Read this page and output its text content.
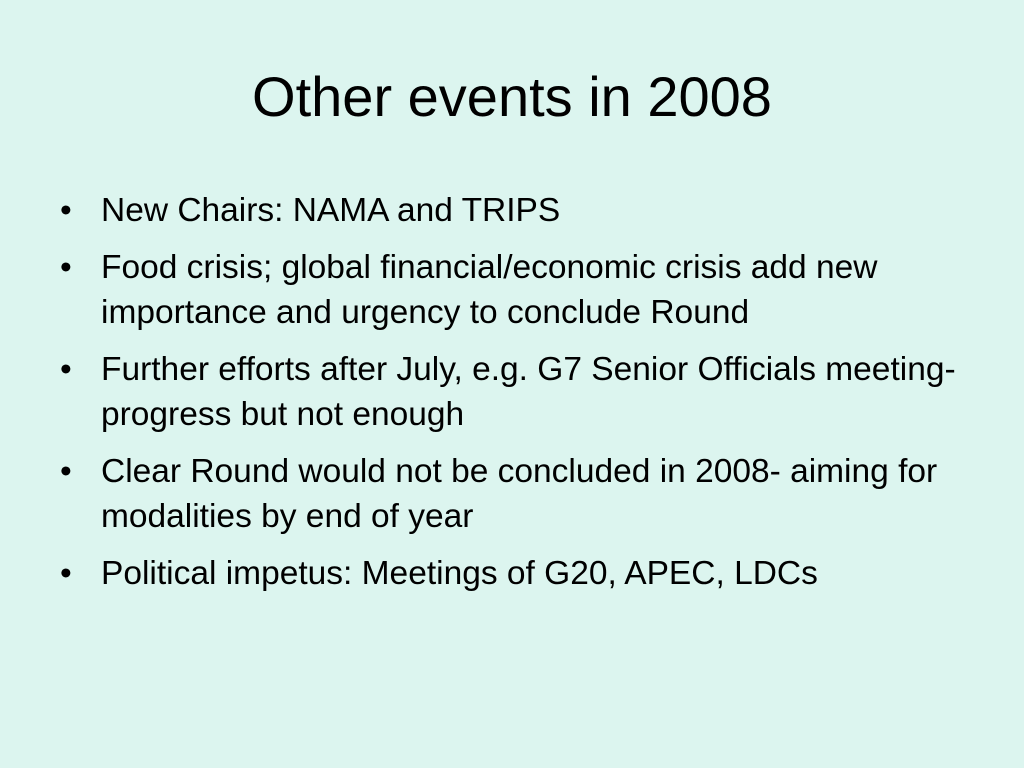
Other events in 2008
• New Chairs: NAMA and TRIPS
• Food crisis; global financial/economic crisis add new importance and urgency to conclude Round
• Further efforts after July, e.g. G7 Senior Officials meeting- progress but not enough
• Clear Round would not be concluded in 2008- aiming for modalities by end of year
• Political impetus: Meetings of G20, APEC, LDCs
